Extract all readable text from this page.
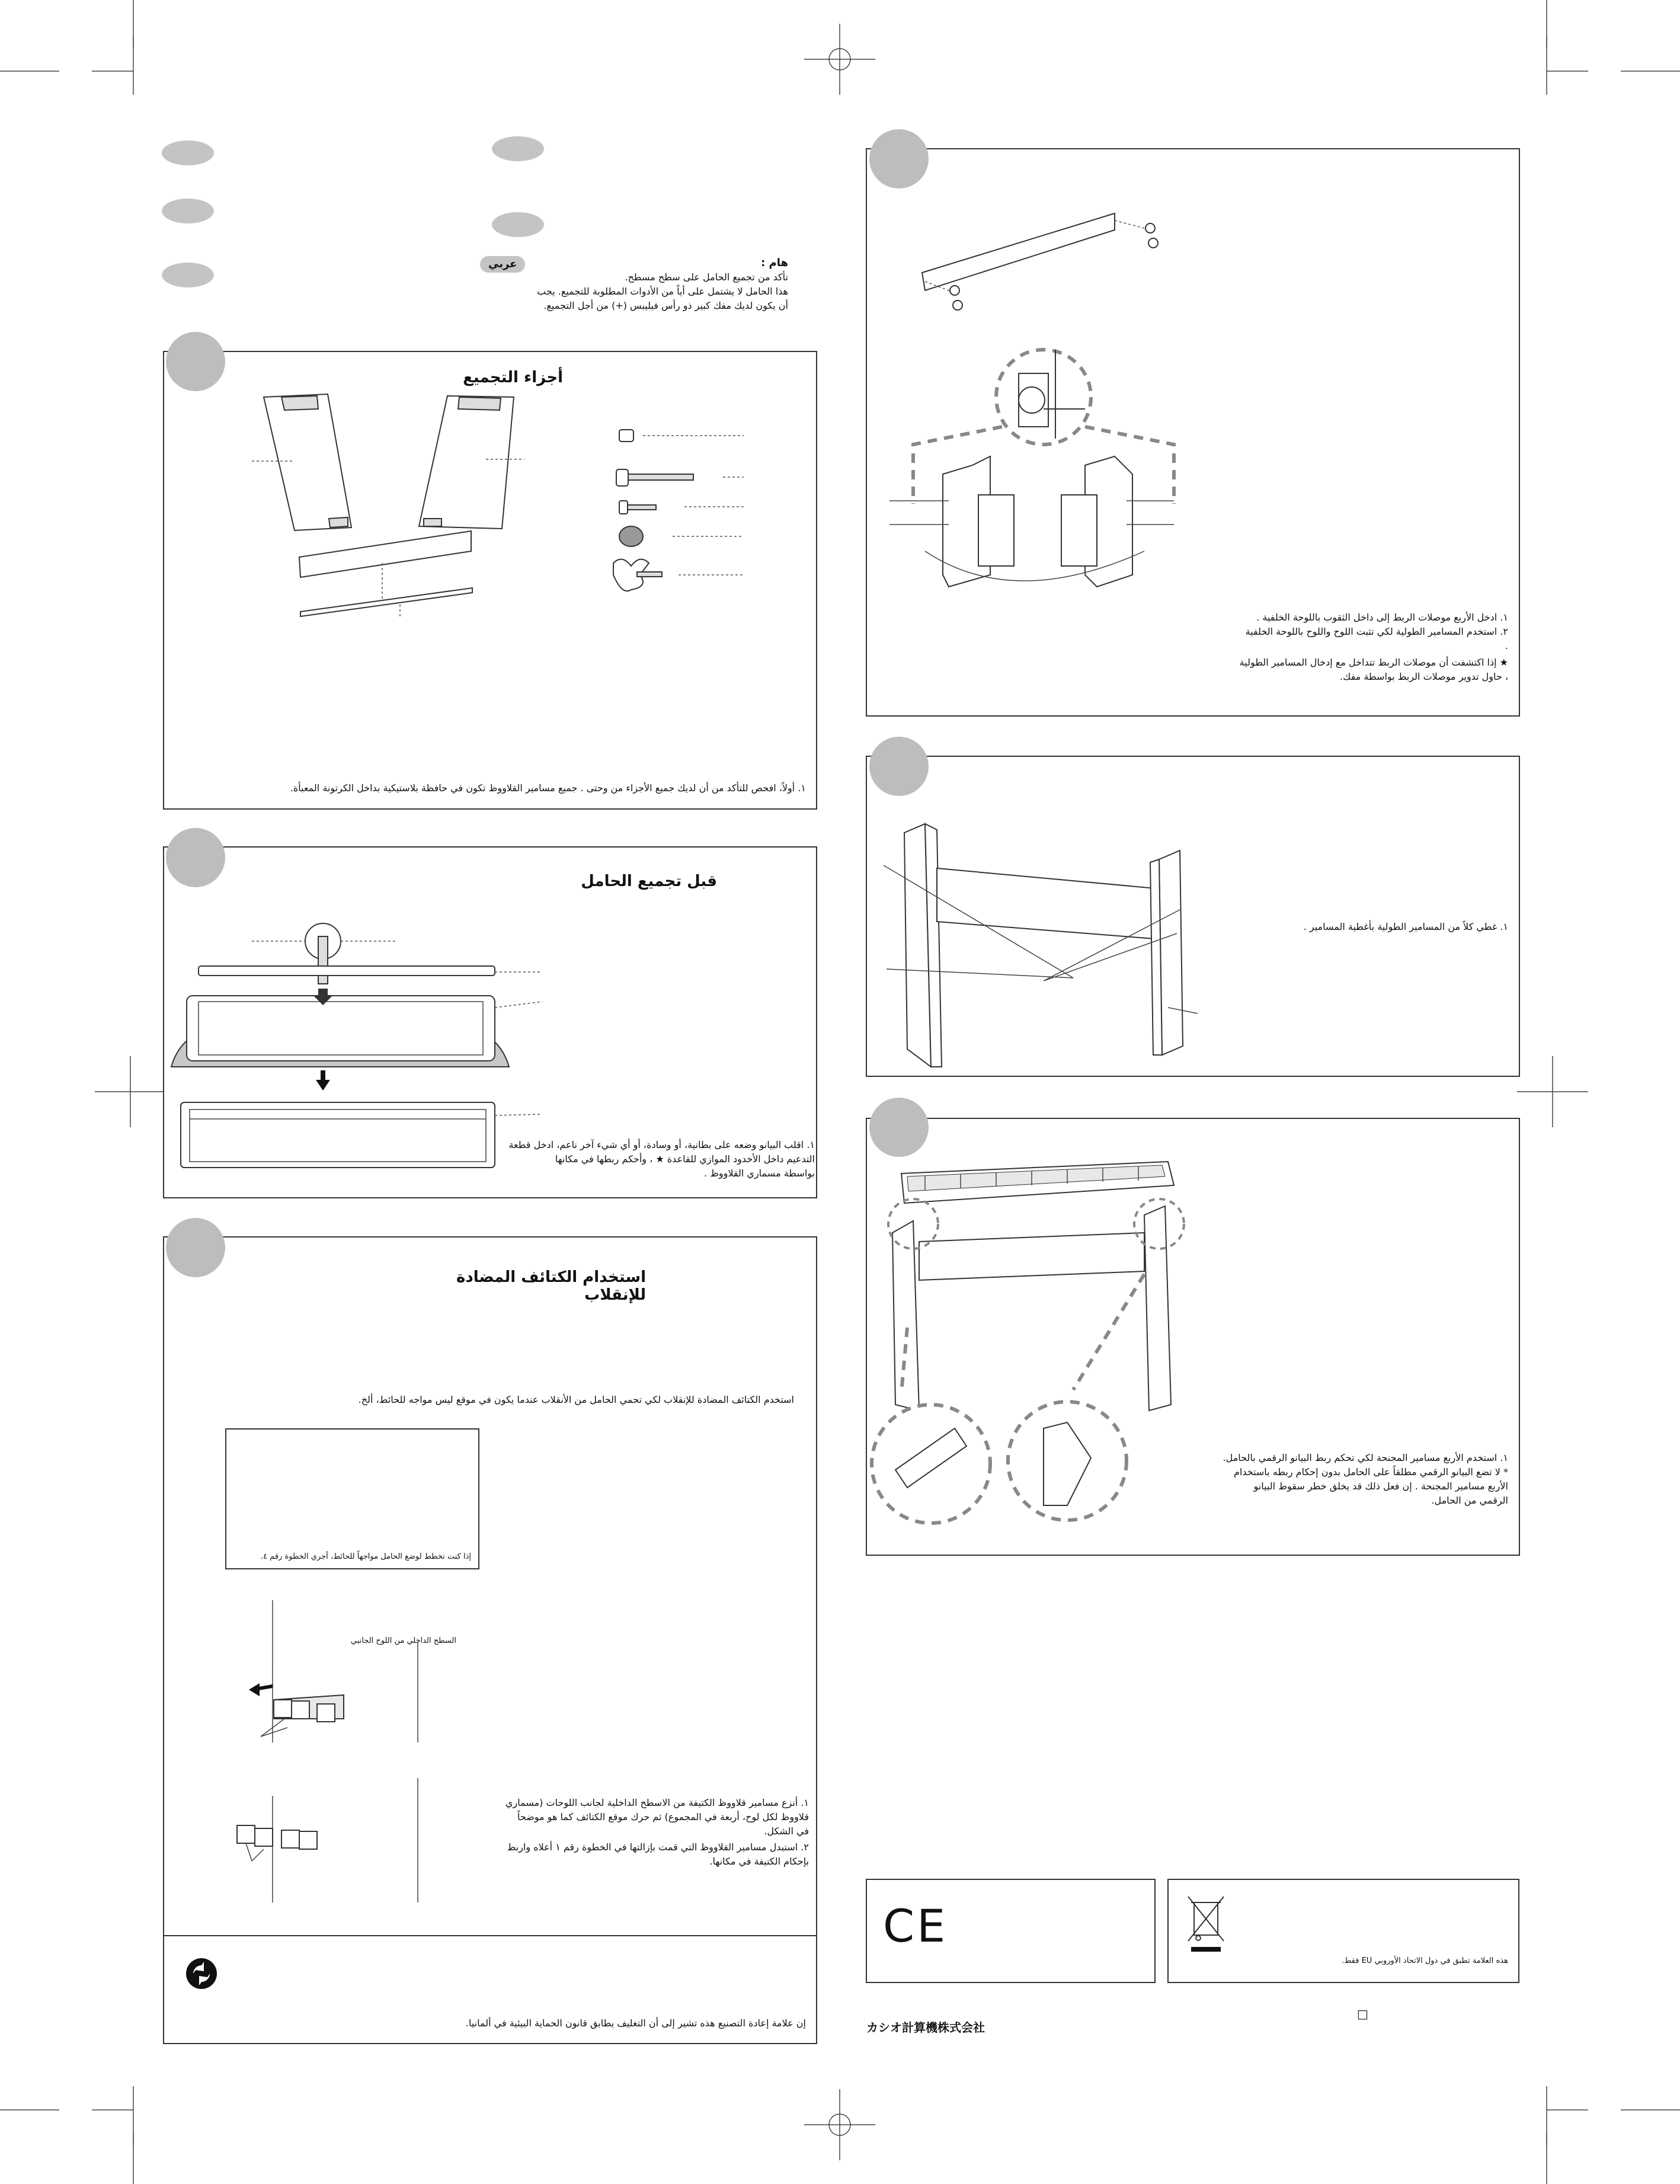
عربي	هام :
تأكد من تجميع الحامل على سطح مسطح.
هذا الحامل لا يشتمل على أياً من الأدوات المطلوبة للتجميع. يجب أن يكون لديك مفك كبير ذو رأس فيليبس (+) من أجل التجميع.
أجزاء التجميع
١. أولاً، افحص للتأكد من أن لديك جميع الأجزاء من وحتى . جميع مسامير القلاووظ تكون في حافظة بلاستيكية بداخل الكرتونة المعبأة.
قبل تجميع الحامل
١. اقلب البيانو وضعه على بطانية، أو وسادة، أو أي شيء آخر ناعم، ادخل قطعة
التدعيم داخل الأخدود الموازي للقاعدة ★ ، وأحكم ربطها في مكانها
بواسطة مسماري القلاووظ .
استخدام الكتائف المضادة للإنقلاب
استخدم الكتائف المضادة للإنقلاب لكي تحمي الحامل من الأنقلاب عندما يكون في موقع ليس مواجه للحائط، ألخ.
إذا كنت تخطط لوضع الحامل مواجهاً للحائط، أجري الخطوة رقم ٤.
السطح الداخلي من اللوح الجانبي
١. أنزع مسامير قلاووظ الكتيفة من الاسطح الداخلية لجانب اللوحات (مسماري
قلاووظ لكل لوح، أربعة في المجموع) ثم حرك موقع الكتائف كما هو موضحاً
في الشكل.
٢. استبدل مسامير القلاووظ التي قمت بإزالتها في الخطوة رقم ١ أعلاه واربط
بإحكام الكتيفة في مكانها.
إن علامة إعادة التصنيع هذه تشير إلى أن التغليف يطابق قانون الحماية البيئية في ألمانيا.
١. ادخل الأربع موصلات الربط إلى داخل الثقوب باللوحة الخلفية .
٢. استخدم المسامير الطولية لكي تثبت اللوح واللوح باللوحة الخلفية
.
★ إذا اكتشفت أن موصلات الربط تتداخل مع إدخال المسامير الطولية
، حاول تدوير موصلات الربط بواسطة مفك.
١. غطي كلاً من المسامير الطولية بأغطية المسامير .
١. استخدم الأربع مسامير المجنحة لكي تحكم ربط البيانو الرقمي بالحامل.
* لا تضع البيانو الرقمي مطلقاً على الحامل بدون إحكام ربطه باستخدام
الأربع مسامير المجنحة . إن فعل ذلك قد يخلق خطر سقوط البيانو
الرقمي من الحامل.
CE
هذه العلامة تطبق في دول الاتحاد الأوروبي EU فقط.
カシオ計算機株式会社
□
